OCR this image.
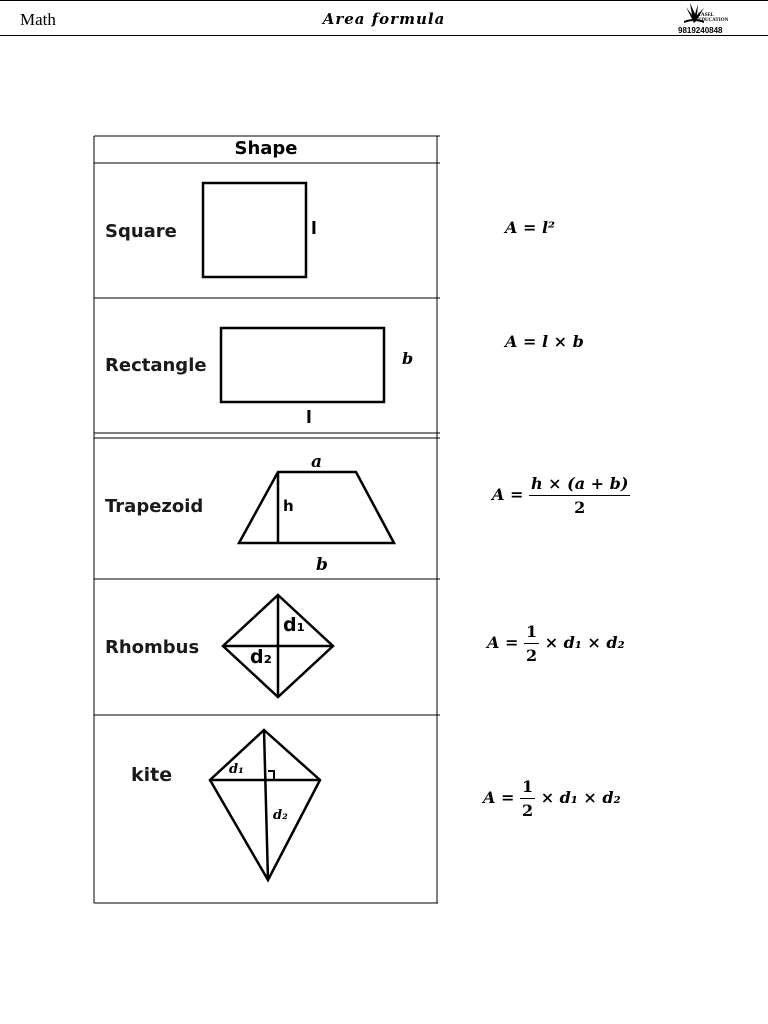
Math	Area formula	TASEL EDUCATION
9819240848
Shape
Square
Rectangle
Trapezoid
Rhombus
kite
l
b
l
a
h
b
d₁
d₂
d₁
d₂
A = l²
A = l × b
$A = \frac{h \times (a + b)}{2}$
$A = \frac{1}{2} \times d_1 \times d_2$
$A = \frac{1}{2} \times d_1 \times d_2$
